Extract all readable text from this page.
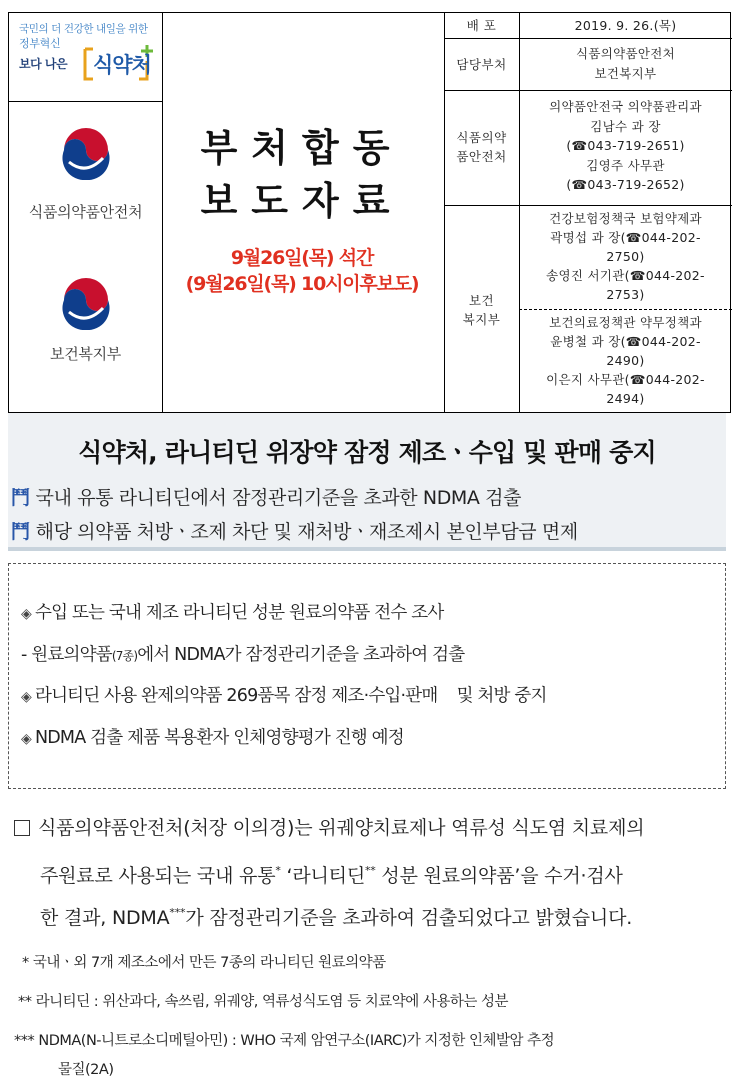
국민의 더 건강한 내일을 위한
정부혁신
보다 나은 식약처
식품의약품안전처
보건복지부
부처합동
보도자료
9월26일(목) 석간
(9월26일(목) 10시이후보도)
배 포	2019. 9. 26.(목)
담당부처
식품의약품안전처
보건복지부
식품의약
품안전처
의약품안전국 의약품관리과
김남수 과 장
(☎043-719-2651)
김영주 사무관
(☎043-719-2652)
보건
복지부
건강보험정책국 보험약제과
곽명섭 과 장(☎044-202-
2750)
송영진 서기관(☎044-202-
2753)
보건의료정책관 약무정책과
윤병철 과 장(☎044-202-
2490)
이은지 사무관(☎044-202-
2494)
식약처, 라니티딘 위장약 잠정 제조ㆍ수입 및 판매 중지
鬥 국내 유통 라니티딘에서 잠정관리기준을 초과한 NDMA 검출
鬥 해당 의약품 처방ㆍ조제 차단 및 재처방ㆍ재조제시 본인부담금 면제
◈ 수입 또는 국내 제조 라니티딘 성분 원료의약품 전수 조사
- 원료의약품(7종)에서 NDMA가 잠정관리기준을 초과하여 검출
◈ 라니티딘 사용 완제의약품 269품목 잠정 제조·수입·판매    및 처방 중지
◈ NDMA 검출 제품 복용환자 인체영향평가 진행 예정
식품의약품안전처(처장 이의경)는 위궤양치료제나 역류성 식도염 치료제의
주원료로 사용되는 국내 유통* ‘라니티딘** 성분 원료의약품’을 수거·검사
한 결과, NDMA***가 잠정관리기준을 초과하여 검출되었다고 밝혔습니다.
* 국내ㆍ외 7개 제조소에서 만든 7종의 라니티딘 원료의약품
** 라니티딘 : 위산과다, 속쓰림, 위궤양, 역류성식도염 등 치료약에 사용하는 성분
*** NDMA(N-니트로소디메틸아민) : WHO 국제 암연구소(IARC)가 지정한 인체발암 추정
물질(2A)
